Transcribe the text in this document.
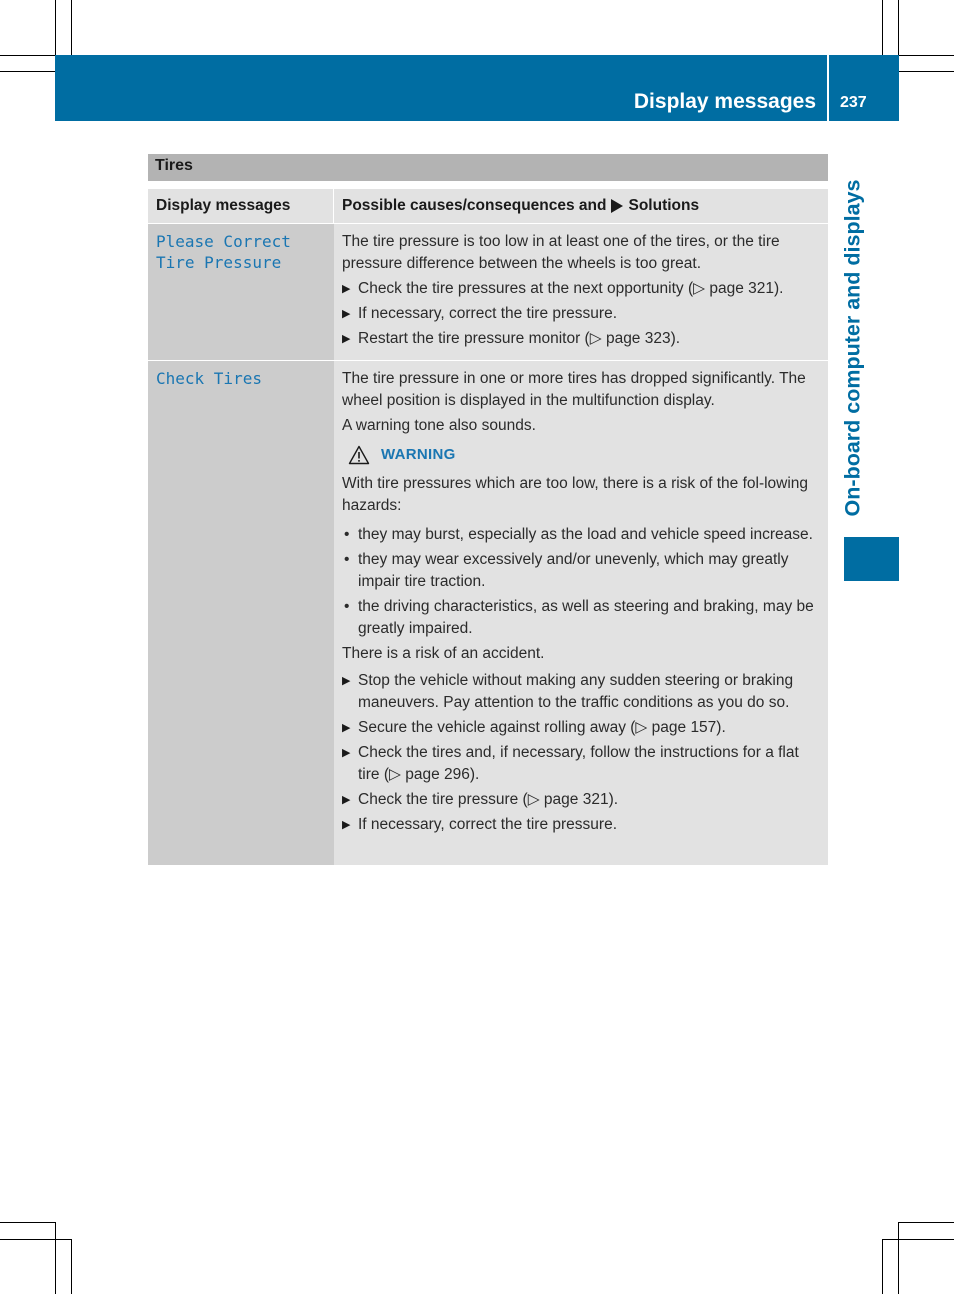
Display messages 237
On-board computer and displays
Tires
Display messages	Possible causes/consequences and Solutions
Please Correct
Tire Pressure

The tire pressure is too low in at least one of the tires, or the tire pressure difference between the wheels is too great.

▶ Check the tire pressures at the next opportunity (▷ page 321).
▶ If necessary, correct the tire pressure.
▶ Restart the tire pressure monitor (▷ page 323).
Check Tires	The tire pressure in one or more tires has dropped significantly. The wheel position is displayed in the multifunction display.

A warning tone also sounds.

WARNING

With tire pressures which are too low, there is a risk of the fol-lowing hazards:

• they may burst, especially as the load and vehicle speed increase.
• they may wear excessively and/or unevenly, which may greatly impair tire traction.
• the driving characteristics, as well as steering and braking, may be greatly impaired.

There is a risk of an accident.

▶ Stop the vehicle without making any sudden steering or braking maneuvers. Pay attention to the traffic conditions as you do so.
▶ Secure the vehicle against rolling away (▷ page 157).
▶ Check the tires and, if necessary, follow the instructions for a flat tire (▷ page 296).
▶ Check the tire pressure (▷ page 321).
▶ If necessary, correct the tire pressure.
